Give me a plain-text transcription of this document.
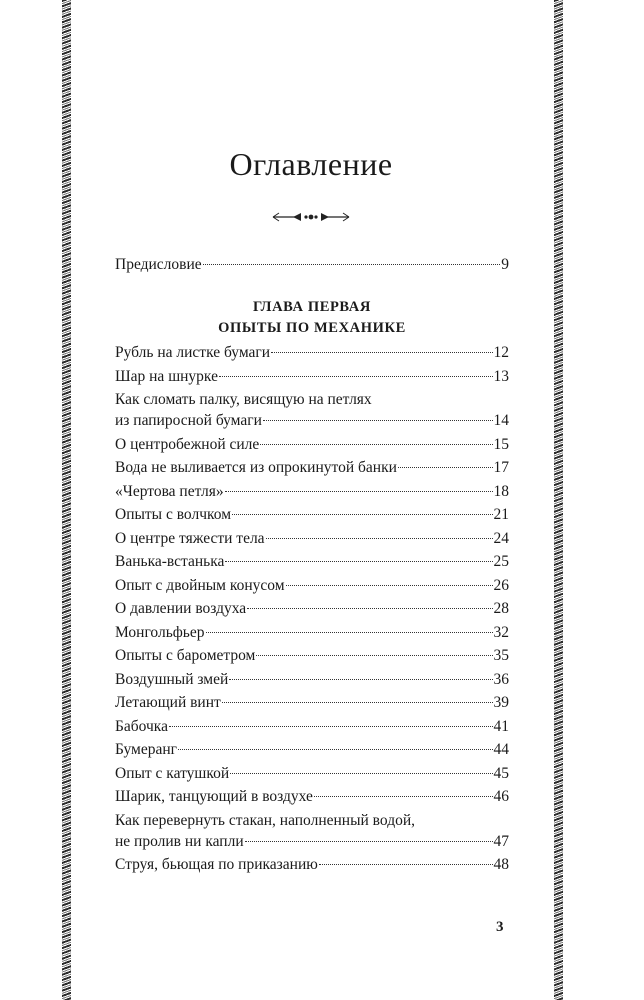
Оглавление
Предисловие	9
ГЛАВА ПЕРВАЯ
ОПЫТЫ ПО МЕХАНИКЕ
Рубль на листке бумаги	12
Шар на шнурке	13
Как сломать палку, висящую на петлях
из папиросной бумаги	14
О центробежной силе	15
Вода не выливается из опрокинутой банки	17
«Чертова петля»	18
Опыты с волчком	21
О центре тяжести тела	24
Ванька-встанька	25
Опыт с двойным конусом	26
О давлении воздуха	28
Монгольфьер	32
Опыты с барометром	35
Воздушный змей	36
Летающий винт	39
Бабочка	41
Бумеранг	44
Опыт с катушкой	45
Шарик, танцующий в воздухе	46
Как перевернуть стакан, наполненный водой,
не пролив ни капли	47
Струя, бьющая по приказанию	48
3
